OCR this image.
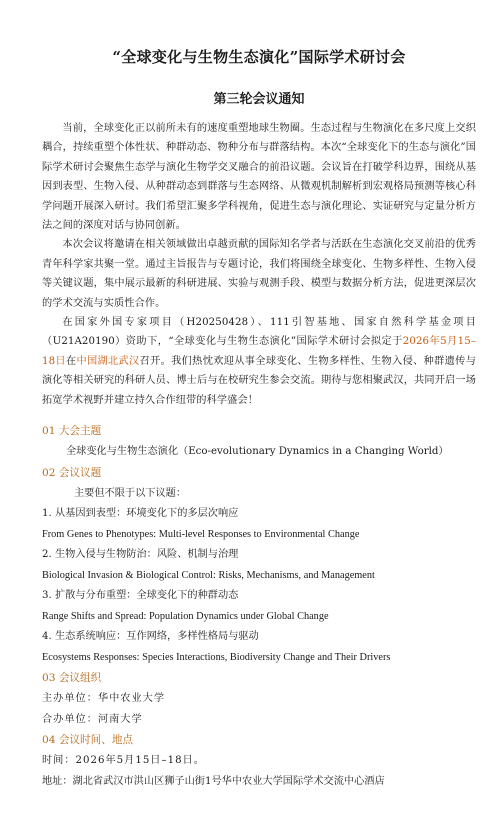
“全球变化与生物生态演化”国际学术研讨会
第三轮会议通知

当前，全球变化正以前所未有的速度重塑地球生物圈。生态过程与生物演化在多尺度上交织耦合，持续重塑个体性状、种群动态、物种分布与群落结构。本次“全球变化下的生态与演化”国际学术研讨会聚焦生态学与演化生物学交叉融合的前沿议题。会议旨在打破学科边界，围绕从基因到表型、生物入侵、从种群动态到群落与生态网络、从微观机制解析到宏观格局预测等核心科学问题开展深入研讨。我们希望汇聚多学科视角，促进生态与演化理论、实证研究与定量分析方法之间的深度对话与协同创新。

本次会议将邀请在相关领域做出卓越贡献的国际知名学者与活跃在生态演化交叉前沿的优秀青年科学家共聚一堂。通过主旨报告与专题讨论，我们将围绕全球变化、生物多样性、生物入侵等关键议题，集中展示最新的科研进展、实验与观测手段、模型与数据分析方法，促进更深层次的学术交流与实质性合作。

在国家外国专家项目（H20250428）、111引智基地、国家自然科学基金项目（U21A20190）资助下，“全球变化与生物生态演化”国际学术研讨会拟定于2026年5月15–18日在中国湖北武汉召开。我们热忱欢迎从事全球变化、生物多样性、生物入侵、种群遗传与演化等相关研究的科研人员、博士后与在校研究生参会交流。期待与您相聚武汉，共同开启一场拓宽学术视野并建立持久合作纽带的科学盛会！

01 大会主题
全球变化与生物生态演化（Eco-evolutionary Dynamics in a Changing World）
02 会议议题
主要但不限于以下议题：
1. 从基因到表型：环境变化下的多层次响应
From Genes to Phenotypes: Multi-level Responses to Environmental Change
2. 生物入侵与生物防治：风险、机制与治理
Biological Invasion & Biological Control: Risks, Mechanisms, and Management
3. 扩散与分布重塑：全球变化下的种群动态
Range Shifts and Spread: Population Dynamics under Global Change
4. 生态系统响应：互作网络，多样性格局与驱动
Ecosystems Responses: Species Interactions, Biodiversity Change and Their Drivers
03 会议组织
主办单位：华中农业大学
合办单位：河南大学
04 会议时间、地点
时间：2026年5月15日–18日。
地址：湖北省武汉市洪山区狮子山街1号华中农业大学国际学术交流中心酒店
